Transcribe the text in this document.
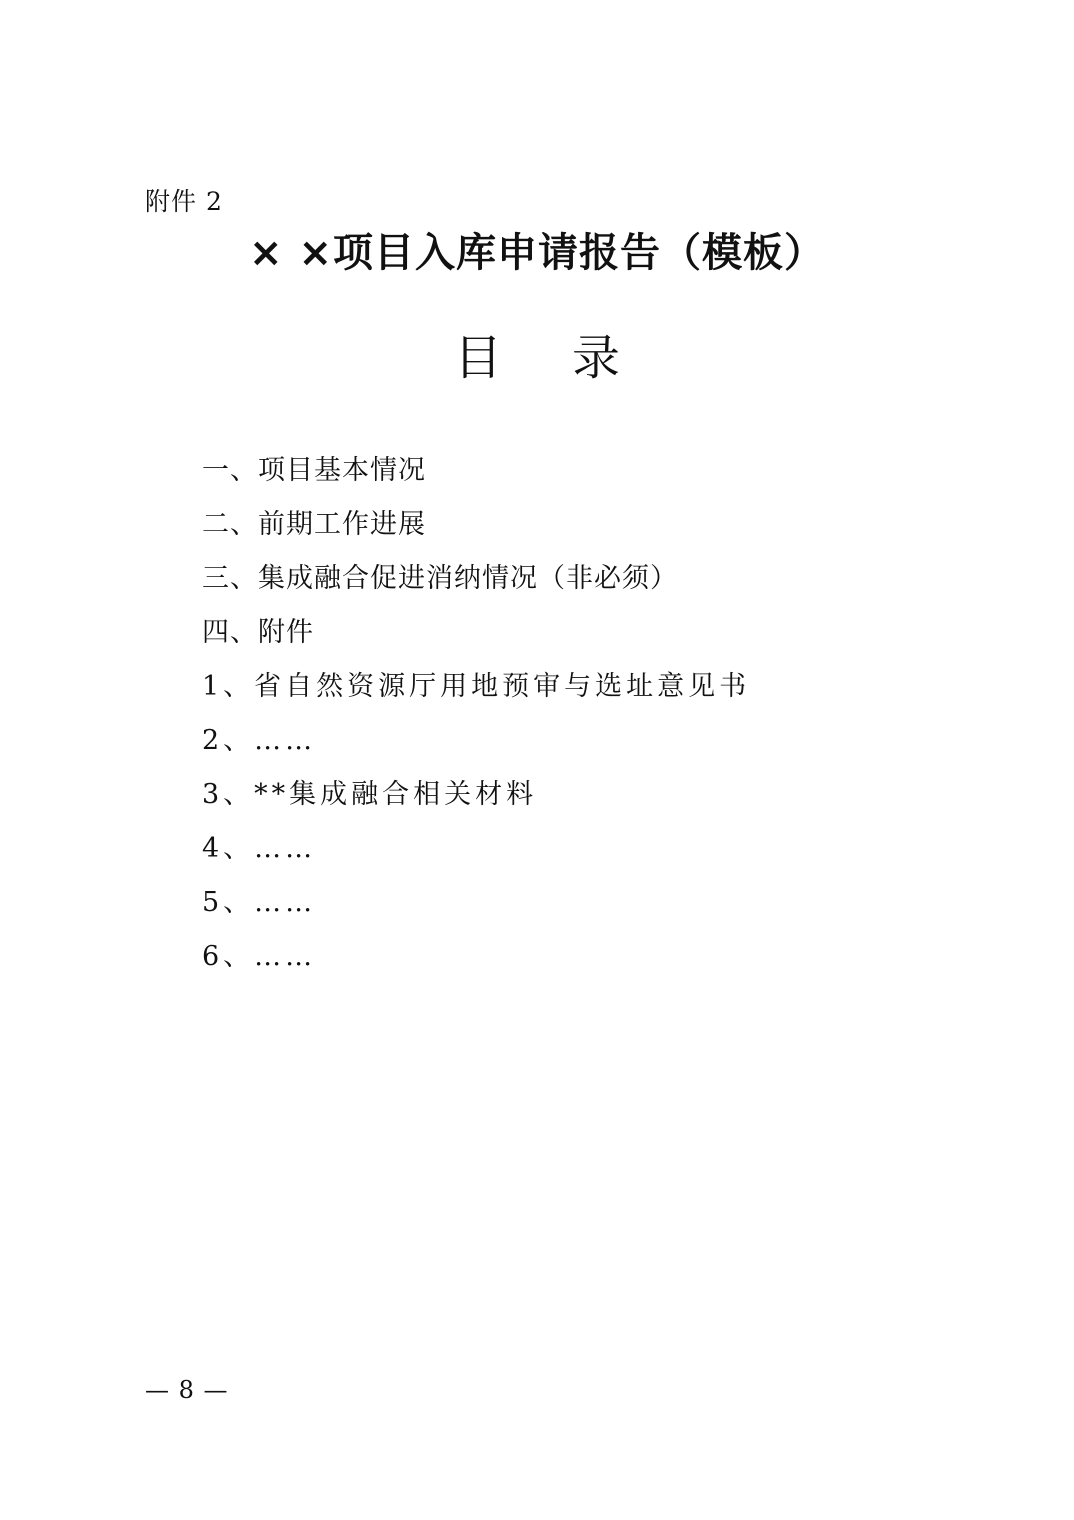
附件 2
× ×项目入库申请报告（模板）
目 录
一、项目基本情况
二、前期工作进展
三、集成融合促进消纳情况（非必须）
四、附件
1、省自然资源厅用地预审与选址意见书
2、……
3、**集成融合相关材料
4、……
5、……
6、……
— 8 —
